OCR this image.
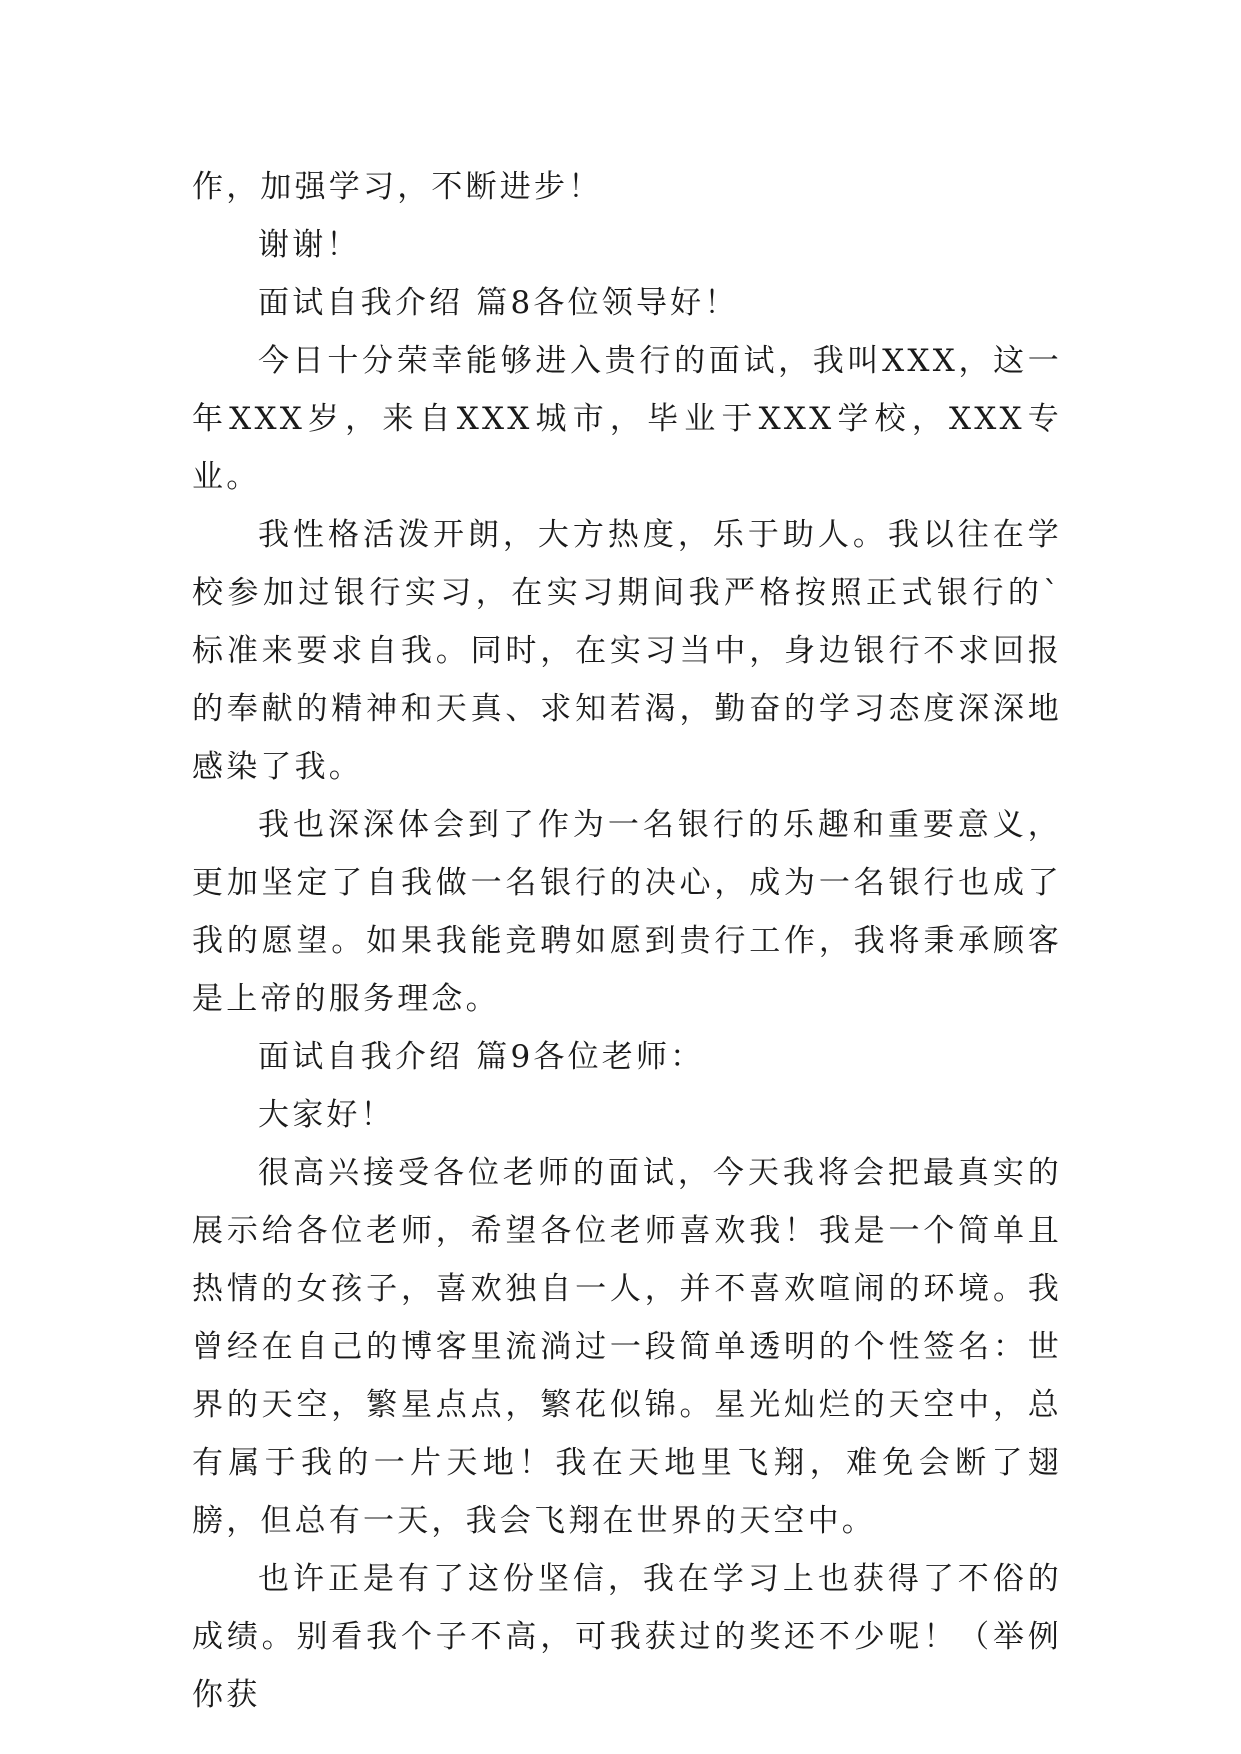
作，加强学习，不断进步！

谢谢！

面试自我介绍 篇8各位领导好！

今日十分荣幸能够进入贵行的面试，我叫XXX，这一年XXX岁，来自XXX城市，毕业于XXX学校，XXX专业。

我性格活泼开朗，大方热度，乐于助人。我以往在学校参加过银行实习，在实习期间我严格按照正式银行的`标准来要求自我。同时，在实习当中，身边银行不求回报的奉献的精神和天真、求知若渴，勤奋的学习态度深深地感染了我。

我也深深体会到了作为一名银行的乐趣和重要意义，更加坚定了自我做一名银行的决心，成为一名银行也成了我的愿望。如果我能竞聘如愿到贵行工作，我将秉承顾客是上帝的服务理念。

面试自我介绍 篇9各位老师：

大家好！

很高兴接受各位老师的面试，今天我将会把最真实的展示给各位老师，希望各位老师喜欢我！我是一个简单且热情的女孩子，喜欢独自一人，并不喜欢喧闹的环境。我曾经在自己的博客里流淌过一段简单透明的个性签名：世界的天空，繁星点点，繁花似锦。星光灿烂的天空中，总有属于我的一片天地！我在天地里飞翔，难免会断了翅膀，但总有一天，我会飞翔在世界的天空中。

也许正是有了这份坚信，我在学习上也获得了不俗的成绩。别看我个子不高，可我获过的奖还不少呢！（举例你获
